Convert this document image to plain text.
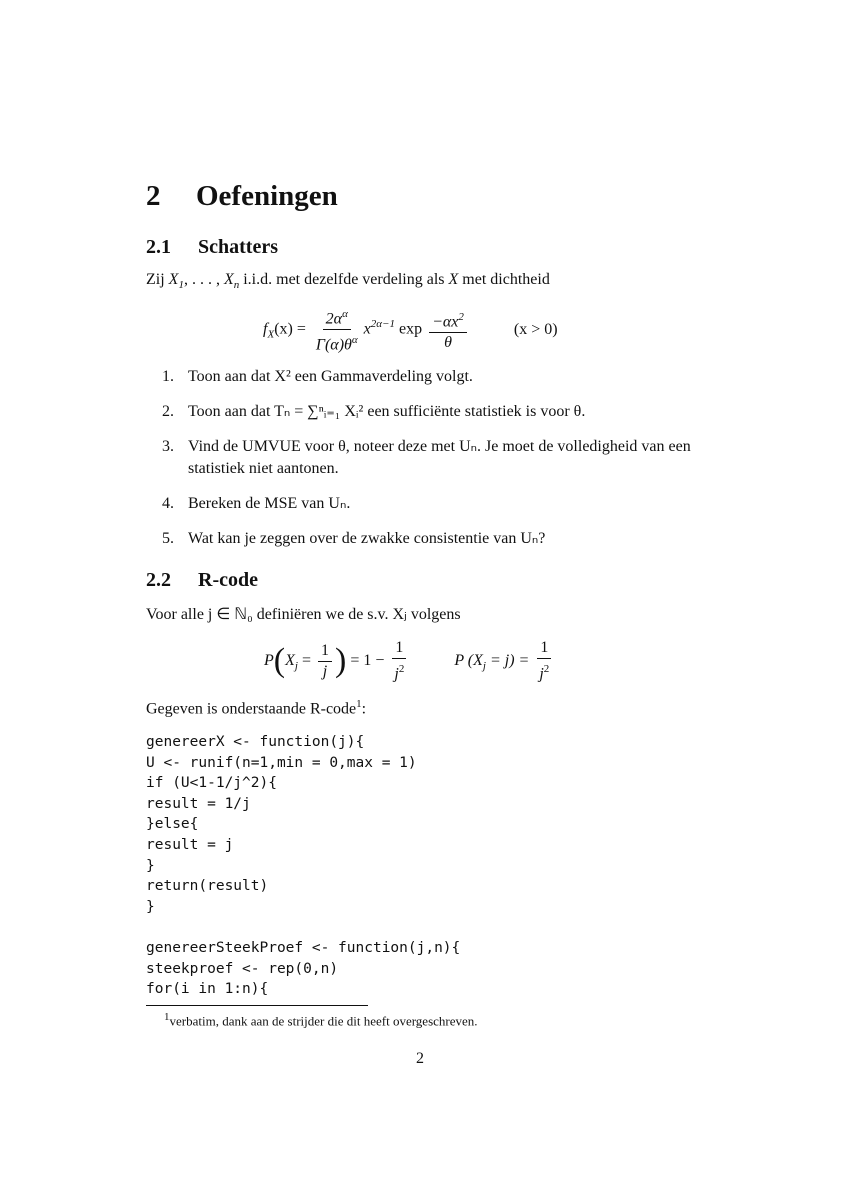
2 Oefeningen
2.1 Schatters
Zij $X_1$, . . . , $X_n$ i.i.d. met dezelfde verdeling als X met dichtheid
$f_X(x) = \frac{2\alpha^\alpha}{\Gamma(\alpha)\theta^\alpha} x^{2\alpha-1}$ $\exp \frac{-\alpha x^2}{\theta}$	(x > 0)
1. Toon aan dat X² een Gammaverdeling volgt.
2. Toon aan dat Tₙ = ∑ⁿᵢ₌₁ Xᵢ² een sufficiënte statistiek is voor θ.
3. Vind de UMVUE voor θ, noteer deze met Uₙ. Je moet de volledigheid van een statistiek niet aantonen.
4. Bereken de MSE van Uₙ.
5. Wat kan je zeggen over de zwakke consistentie van Uₙ?
2.2 R-code
Voor alle j ∈ ℕ₀ definiëren we de s.v. Xⱼ volgens
$P(X_j = \frac{1}{j}$ ) = $1 - \frac{1}{j^2}$	P $(X_j = j) = \frac{1}{j^2}$
Gegeven is onderstaande R-code$^1$:
genereerX <- function(j){
U <- runif(n=1,min = 0,max = 1)
if (U<1-1/j^2){
result = 1/j
}else{
result = j
}
return(result)
}

genereerSteekProef <- function(j,n){
steekproef <- rep(0,n)
for(i in 1:n){
$^1$verbatim, dank aan de strijder die dit heeft overgeschreven.
2
